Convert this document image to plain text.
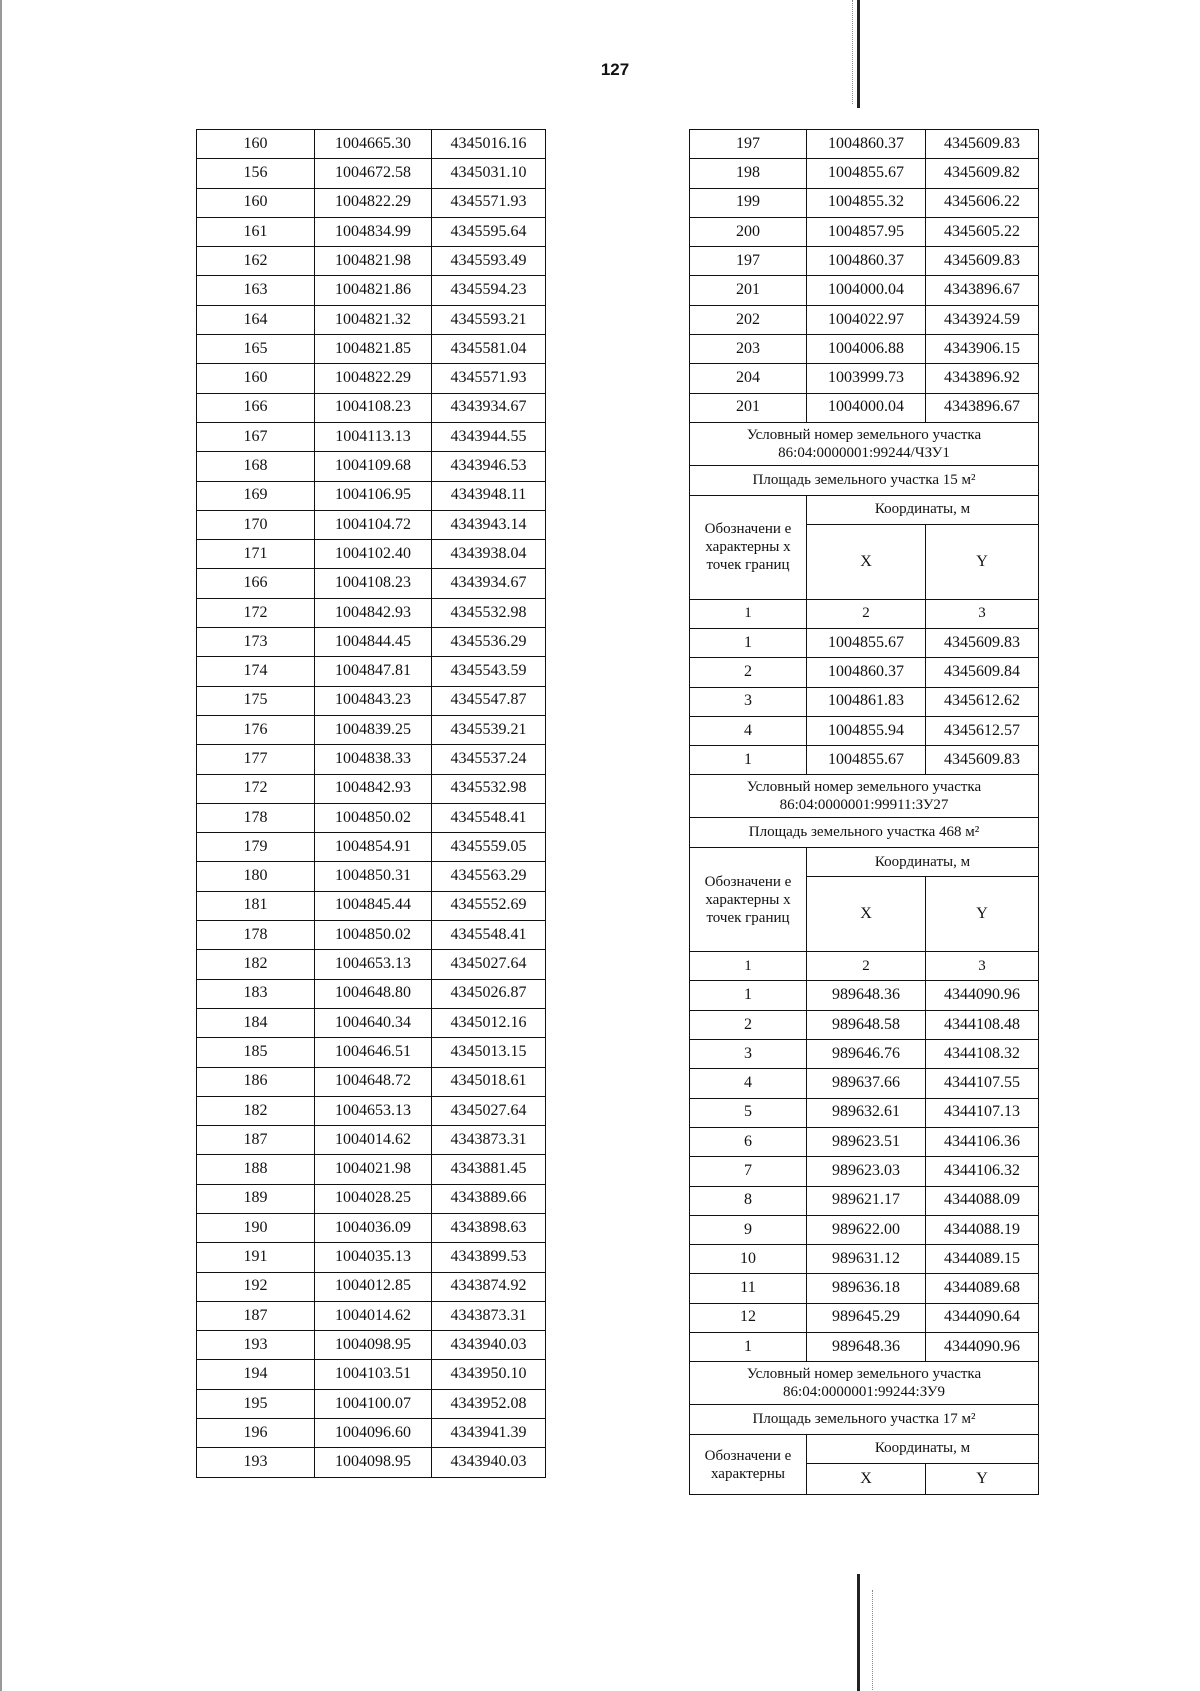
127
160	1004665.30	4345016.16
156	1004672.58	4345031.10
160	1004822.29	4345571.93
161	1004834.99	4345595.64
162	1004821.98	4345593.49
163	1004821.86	4345594.23
164	1004821.32	4345593.21
165	1004821.85	4345581.04
160	1004822.29	4345571.93
166	1004108.23	4343934.67
167	1004113.13	4343944.55
168	1004109.68	4343946.53
169	1004106.95	4343948.11
170	1004104.72	4343943.14
171	1004102.40	4343938.04
166	1004108.23	4343934.67
172	1004842.93	4345532.98
173	1004844.45	4345536.29
174	1004847.81	4345543.59
175	1004843.23	4345547.87
176	1004839.25	4345539.21
177	1004838.33	4345537.24
172	1004842.93	4345532.98
178	1004850.02	4345548.41
179	1004854.91	4345559.05
180	1004850.31	4345563.29
181	1004845.44	4345552.69
178	1004850.02	4345548.41
182	1004653.13	4345027.64
183	1004648.80	4345026.87
184	1004640.34	4345012.16
185	1004646.51	4345013.15
186	1004648.72	4345018.61
182	1004653.13	4345027.64
187	1004014.62	4343873.31
188	1004021.98	4343881.45
189	1004028.25	4343889.66
190	1004036.09	4343898.63
191	1004035.13	4343899.53
192	1004012.85	4343874.92
187	1004014.62	4343873.31
193	1004098.95	4343940.03
194	1004103.51	4343950.10
195	1004100.07	4343952.08
196	1004096.60	4343941.39
193	1004098.95	4343940.03
197	1004860.37	4345609.83
198	1004855.67	4345609.82
199	1004855.32	4345606.22
200	1004857.95	4345605.22
197	1004860.37	4345609.83
201	1004000.04	4343896.67
202	1004022.97	4343924.59
203	1004006.88	4343906.15
204	1003999.73	4343896.92
201	1004000.04	4343896.67

Условный номер земельного участка
86:04:0000001:99244/ЧЗУ1		

Площадь земельного участка 15 м²		
Обозначени е характерны х точек границ	Координаты, м	
	X	Y
1	2	3
1	1004855.67	4345609.83
2	1004860.37	4345609.84
3	1004861.83	4345612.62
4	1004855.94	4345612.57
1	1004855.67	4345609.83

Условный номер земельного участка
86:04:0000001:99911:ЗУ27		

Площадь земельного участка 468 м²		
Обозначени е характерны х точек границ	Координаты, м	
	X	Y
1	2	3
1	989648.36	4344090.96
2	989648.58	4344108.48
3	989646.76	4344108.32
4	989637.66	4344107.55
5	989632.61	4344107.13
6	989623.51	4344106.36
7	989623.03	4344106.32
8	989621.17	4344088.09
9	989622.00	4344088.19
10	989631.12	4344089.15
11	989636.18	4344089.68
12	989645.29	4344090.64
1	989648.36	4344090.96

Условный номер земельного участка
86:04:0000001:99244:ЗУ9		

Площадь земельного участка 17 м²		
Обозначени е характерны	Координаты, м	
	X	Y
